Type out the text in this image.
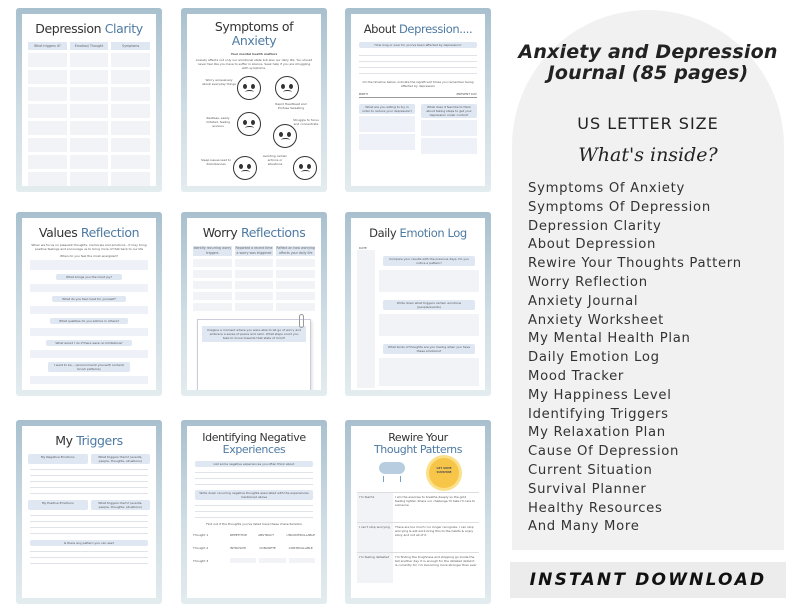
Depression Clarity
What triggers it?	Emotion/ Thought	Symptoms
Symptoms of
Anxiety
Your mental health matters
Anxiety affects not only our emotional state but also our daily life. You should never feel like you have to suffer in silence. Seek help if you are struggling with symptoms.
Worry excessively about everyday things
Rapid Heartbeat and Profuse Sweating
Restless, easily irritated, feeling anxious
Struggle to focus and concentrate
Sleep issues lead to disturbances
Avoiding certain actions or situations
About Depression....
How long or ever for you've been affected by depression?
On the timeline below, indicate the significant times you remember being affected by depression
BIRTH	PRESENT DAY
What are you willing to try in order to reduce your depression?
What does it feel like to think about taking steps to get your depression under control?
Values Reflection
When we focus on pleasant thoughts, memories and emotions - it may bring positive feelings and encourage us to bring more of that back to our life
When do you feel the most energized?
What brings you the most joy?
What do you feel most for yourself?
What qualities do you admire in others?
What would I do if there were no limitations?
I want to be... (environment/ yourself/ content/ brush patterns)
Worry Reflections
Identify recurring worry triggers
Reported a recent time a worry was triggered
Reflect on how worrying affects your daily life
Imagine a moment where you were able to let go of worry and embrace a sense of peace and calm. What steps could you take to move towards that state of mind?
Daily Emotion Log
DATE
Compare your results with the previous days. Do you notice a pattern?
Write down what triggers certain emotions (people/events)
What kinds of thoughts are you having when you have these emotions?
My Triggers
My Negative Emotions	What triggers them? (events, people, thoughts, situations)
My Positive Emotions	What triggers them? (events, people, thoughts, situations)
Is there any pattern you can see?
Identifying Negative
Experiences
List some negative experiences you often think about
Write down recurring negative thoughts associated with the experiences mentioned above
Find out if the thoughts you've listed have these characteristics
Thought 1	REPETITIVE	ABSTRACT	UNCONTROLLABLE
Thought 2	INTRUSIVE	CONCRETE	CONTROLLABLE
Thought 3
Rewire Your
Thought Patterns
GET SOME SUNSHINE
I'm fearful	I am the exercise to breathe deeply so the gold feeling lighter. Share our challenge I'll take I'll care to someone
I can't stop worrying	There are too much I no longer recognize. I can stop worrying & will work bring this to the habits & enjoy story and not all of it
I'm feeling defeated	I'm finding the toughness and stopping go inside the tell another day. It is enough for the detailed detail it is currently for. I'm becoming more stronger than ever
Anxiety and Depression Journal (85 pages)
US LETTER SIZE
What's inside?
Symptoms Of Anxiety
Symptoms Of Depression
Depression Clarity
About Depression
Rewire Your Thoughts Pattern
Worry Reflection
Anxiety Journal
Anxiety Worksheet
My Mental Health Plan
Daily Emotion Log
Mood Tracker
My Happiness Level
Identifying Triggers
My Relaxation Plan
Cause Of Depression
Current Situation
Survival Planner
Healthy Resources
And Many More
INSTANT DOWNLOAD
